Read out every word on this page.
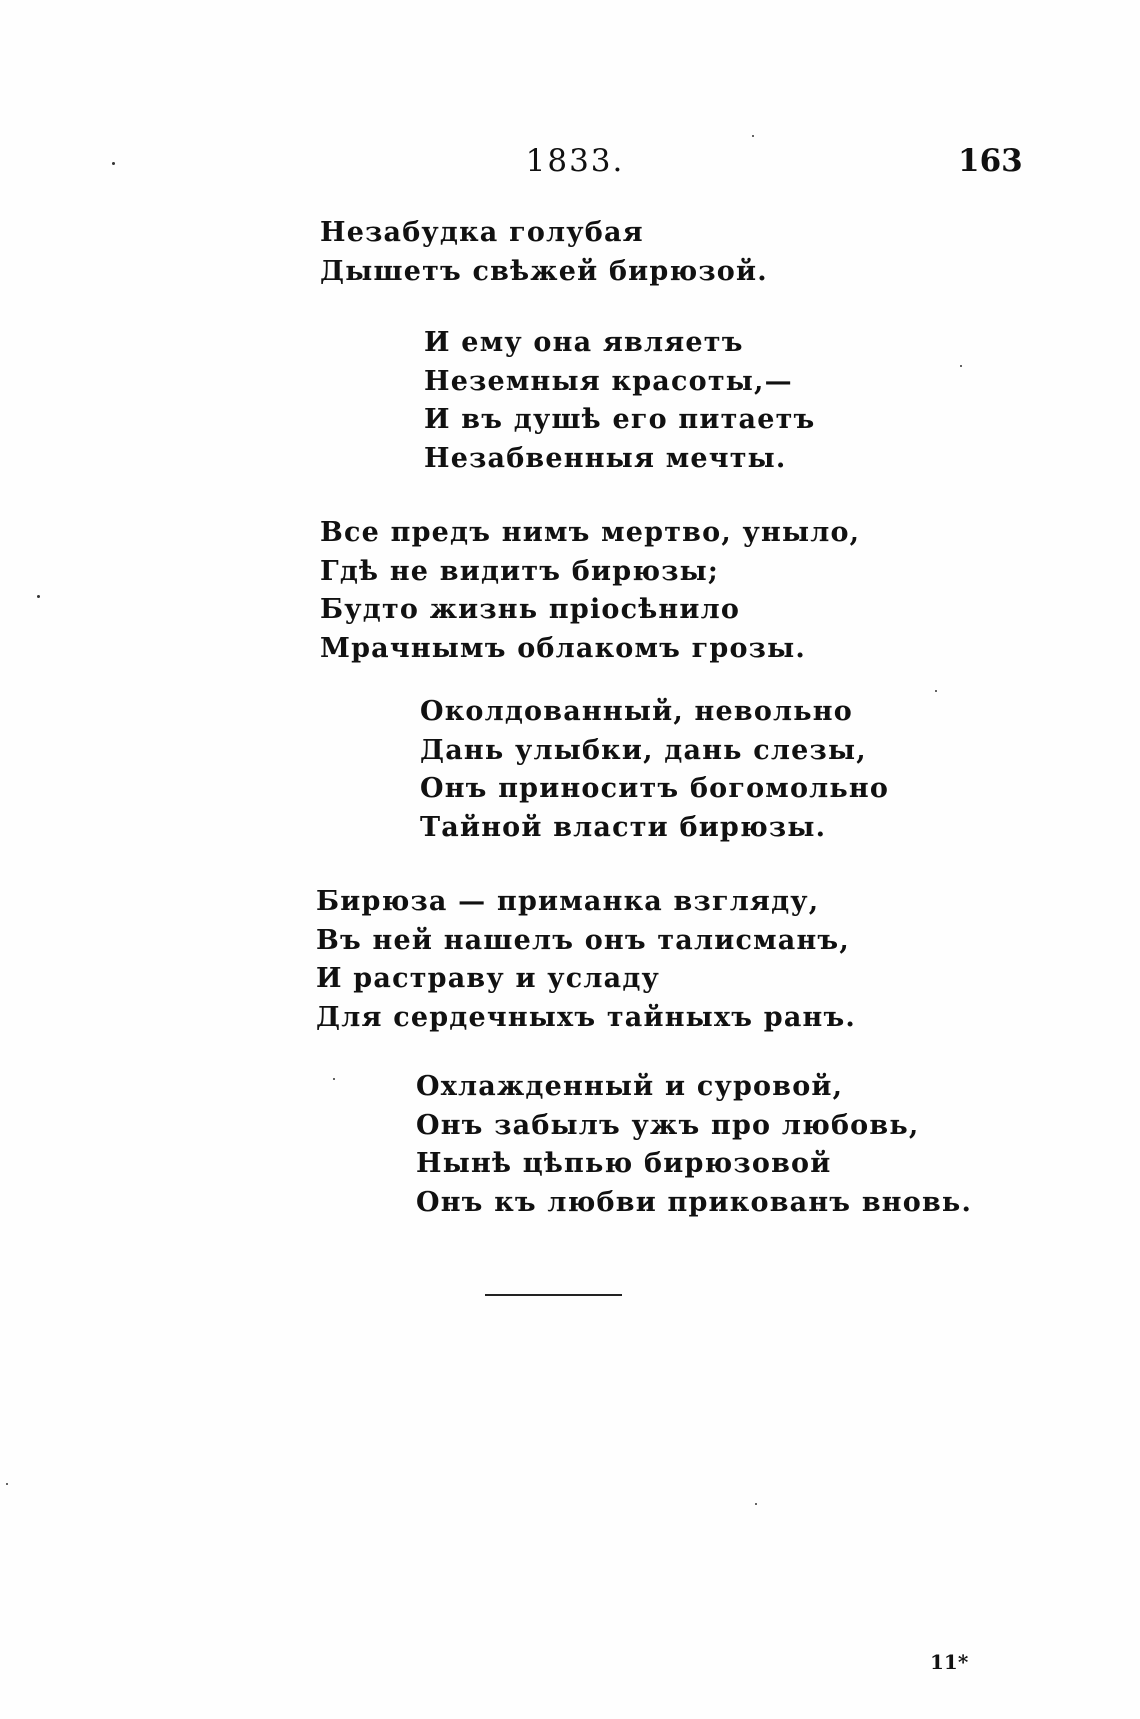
1833.	163
Незабудка голубая
Дышетъ свѣжей бирюзой.
И ему она являетъ
Неземныя красоты,—
И въ душѣ его питаетъ
Незабвенныя мечты.
Все предъ нимъ мертво, уныло,
Гдѣ не видитъ бирюзы;
Будто жизнь пріосѣнило
Мрачнымъ облакомъ грозы.
Околдованный, невольно
Дань улыбки, дань слезы,
Онъ приноситъ богомольно
Тайной власти бирюзы.
Бирюза — приманка взгляду,
Въ ней нашелъ онъ талисманъ,
И растраву и усладу
Для сердечныхъ тайныхъ ранъ.
Охлажденный и суровой,
Онъ забылъ ужъ про любовь,
Нынѣ цѣпью бирюзовой
Онъ къ любви прикованъ вновь.
11*
